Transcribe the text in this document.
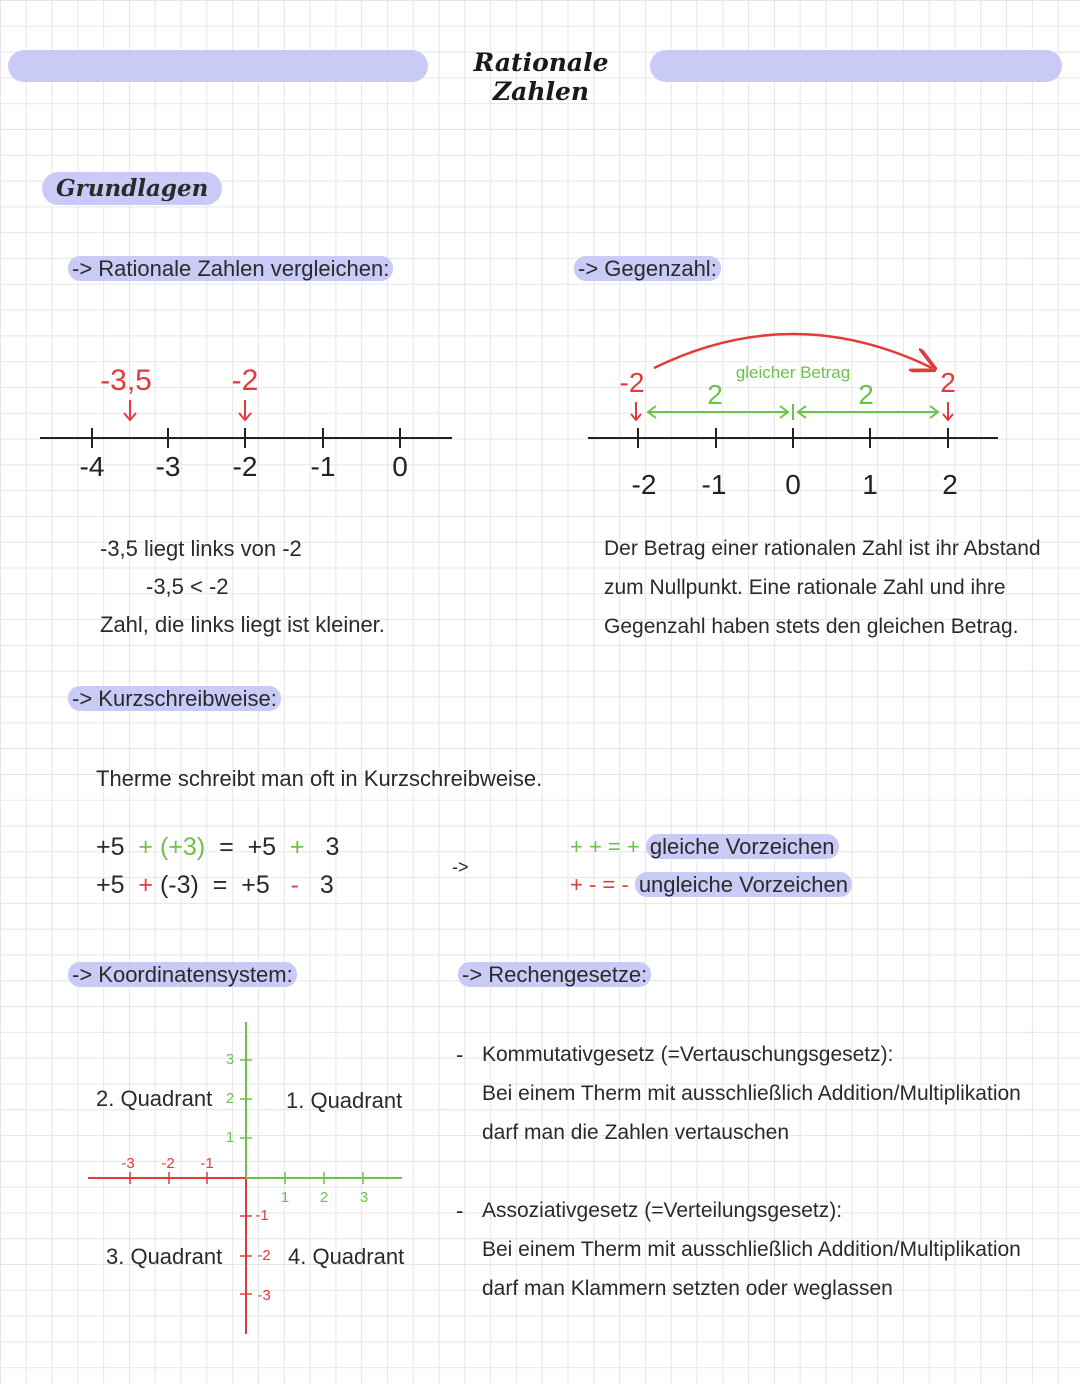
Rationale Zahlen
Grundlagen
-> Rationale Zahlen vergleichen:
-4 -3 -2 -1 0
-3,5	-2
-3,5 liegt links von -2
-3,5 < -2
Zahl, die links liegt ist kleiner.
-> Gegenzahl:
2	2
gleicher Betrag
-2	2
-2 -1 0 1 2
Der Betrag einer rationalen Zahl ist ihr Abstand
zum Nullpunkt. Eine rationale Zahl und ihre
Gegenzahl haben stets den gleichen Betrag.
-> Kurzschreibweise:
Therme schreibt man oft in Kurzschreibweise.
+5 + (+3) = +5 + 3
+5 + (-3) = +5 - 3
->
+ + = + gleiche Vorzeichen
+ - = - ungleiche Vorzeichen
-> Koordinatensystem:
-3 -2 -1
1 2 3
3
2
1
-1
-2
-3
1. Quadrant
2. Quadrant
3. Quadrant	4. Quadrant
-> Rechengesetze:
- Kommutativgesetz (=Vertauschungsgesetz):
Bei einem Therm mit ausschließlich Addition/Multiplikation
darf man die Zahlen vertauschen
- Assoziativgesetz (=Verteilungsgesetz):
Bei einem Therm mit ausschließlich Addition/Multiplikation
darf man Klammern setzten oder weglassen
